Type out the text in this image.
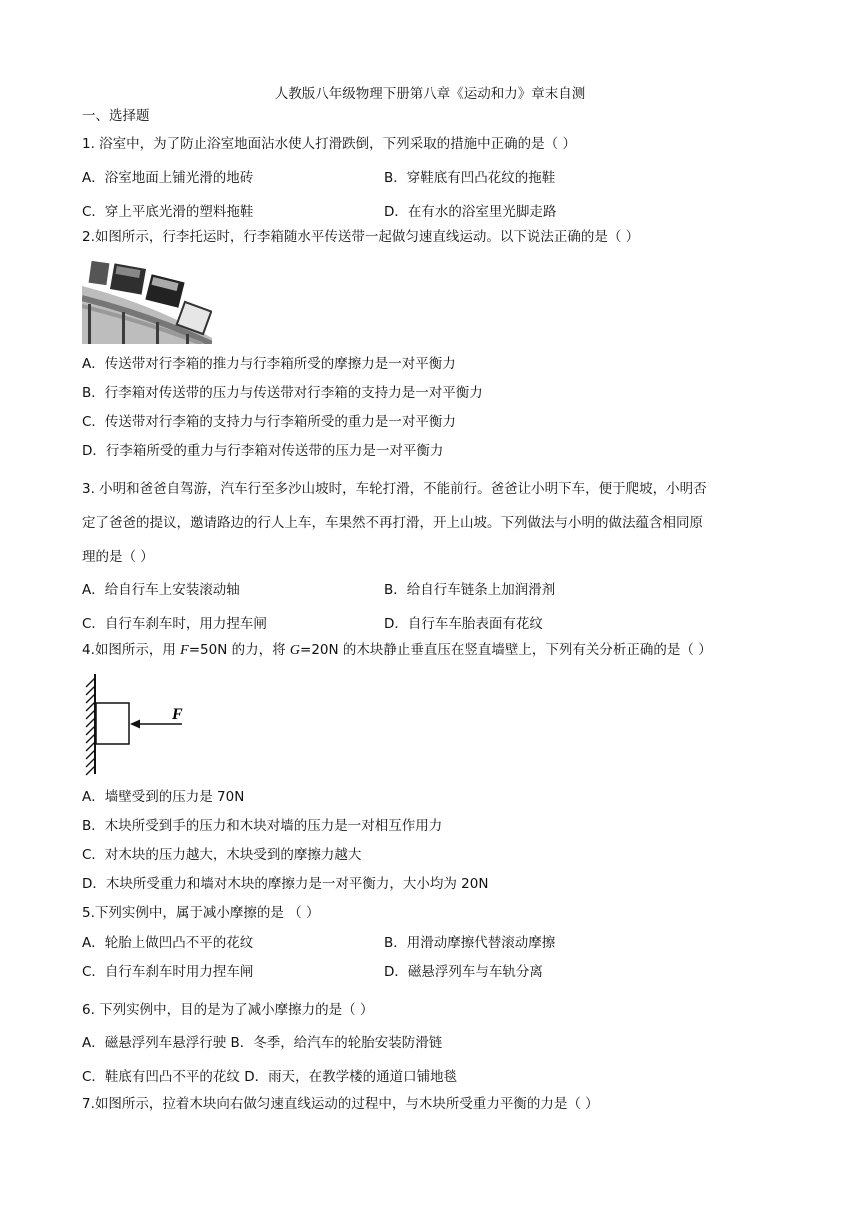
人教版八年级物理下册第八章《运动和力》章末自测
一、选择题
1. 浴室中，为了防止浴室地面沾水使人打滑跌倒，下列采取的措施中正确的是（ ）
A．浴室地面上铺光滑的地砖	B．穿鞋底有凹凸花纹的拖鞋
C．穿上平底光滑的塑料拖鞋	D．在有水的浴室里光脚走路
2.如图所示，行李托运时，行李箱随水平传送带一起做匀速直线运动。以下说法正确的是（ ）
A．传送带对行李箱的推力与行李箱所受的摩擦力是一对平衡力
B．行李箱对传送带的压力与传送带对行李箱的支持力是一对平衡力
C．传送带对行李箱的支持力与行李箱所受的重力是一对平衡力
D．行李箱所受的重力与行李箱对传送带的压力是一对平衡力
3. 小明和爸爸自驾游，汽车行至多沙山坡时，车轮打滑，不能前行。爸爸让小明下车，便于爬坡，小明否
定了爸爸的提议，邀请路边的行人上车，车果然不再打滑，开上山坡。下列做法与小明的做法蕴含相同原
理的是（ ）
A．给自行车上安装滚动轴	B．给自行车链条上加润滑剂
C．自行车刹车时，用力捏车闸	D．自行车车胎表面有花纹
4.如图所示，用 F=50N 的力，将 G=20N 的木块静止垂直压在竖直墙壁上，下列有关分析正确的是（ ）
F
A．墙壁受到的压力是 70N
B．木块所受到手的压力和木块对墙的压力是一对相互作用力
C．对木块的压力越大，木块受到的摩擦力越大
D．木块所受重力和墙对木块的摩擦力是一对平衡力，大小均为 20N
5.下列实例中，属于减小摩擦的是 （ ）
A．轮胎上做凹凸不平的花纹	B．用滑动摩擦代替滚动摩擦
C．自行车刹车时用力捏车闸	D．磁悬浮列车与车轨分离
6. 下列实例中，目的是为了减小摩擦力的是（ ）
A．磁悬浮列车悬浮行驶 B．冬季，给汽车的轮胎安装防滑链
C．鞋底有凹凸不平的花纹 D．雨天，在教学楼的通道口铺地毯
7.如图所示，拉着木块向右做匀速直线运动的过程中，与木块所受重力平衡的力是（ ）
